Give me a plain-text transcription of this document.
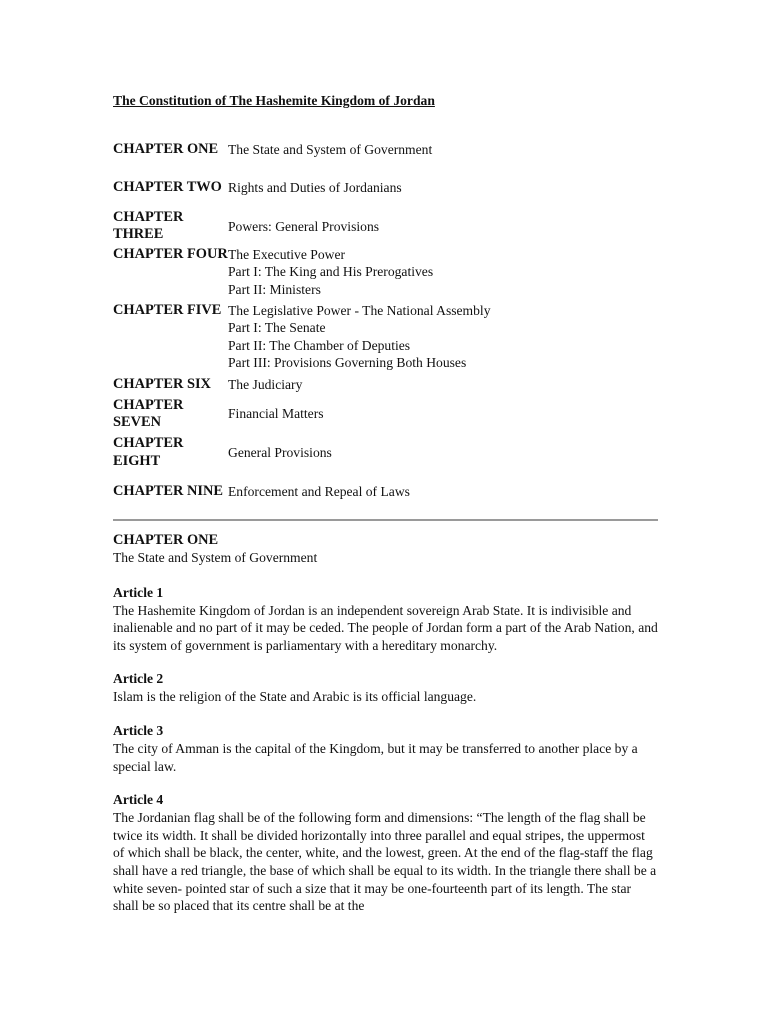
The Constitution of The Hashemite Kingdom of Jordan
CHAPTER ONE	The State and System of Government

CHAPTER TWO	Rights and Duties of Jordanians

CHAPTER THREE	Powers: General Provisions

CHAPTER FOUR	The Executive Power
Part I: The King and His Prerogatives
Part II: Ministers

CHAPTER FIVE	The Legislative Power - The National Assembly
Part I: The Senate
Part II: The Chamber of Deputies
Part III: Provisions Governing Both Houses

CHAPTER SIX	The Judiciary

CHAPTER SEVEN	Financial Matters

CHAPTER EIGHT	General Provisions

CHAPTER NINE	Enforcement and Repeal of Laws
CHAPTER ONE
The State and System of Government
Article 1
The Hashemite Kingdom of Jordan is an independent sovereign Arab State. It is indivisible and inalienable and no part of it may be ceded. The people of Jordan form a part of the Arab Nation, and its system of government is parliamentary with a hereditary monarchy.
Article 2
Islam is the religion of the State and Arabic is its official language.
Article 3
The city of Amman is the capital of the Kingdom, but it may be transferred to another place by a special law.
Article 4
The Jordanian flag shall be of the following form and dimensions: “The length of the flag shall be twice its width. It shall be divided horizontally into three parallel and equal stripes, the uppermost of which shall be black, the center, white, and the lowest, green. At the end of the flag-staff the flag shall have a red triangle, the base of which shall be equal to its width. In the triangle there shall be a white seven- pointed star of such a size that it may be one-fourteenth part of its length. The star shall be so placed that its centre shall be at the
